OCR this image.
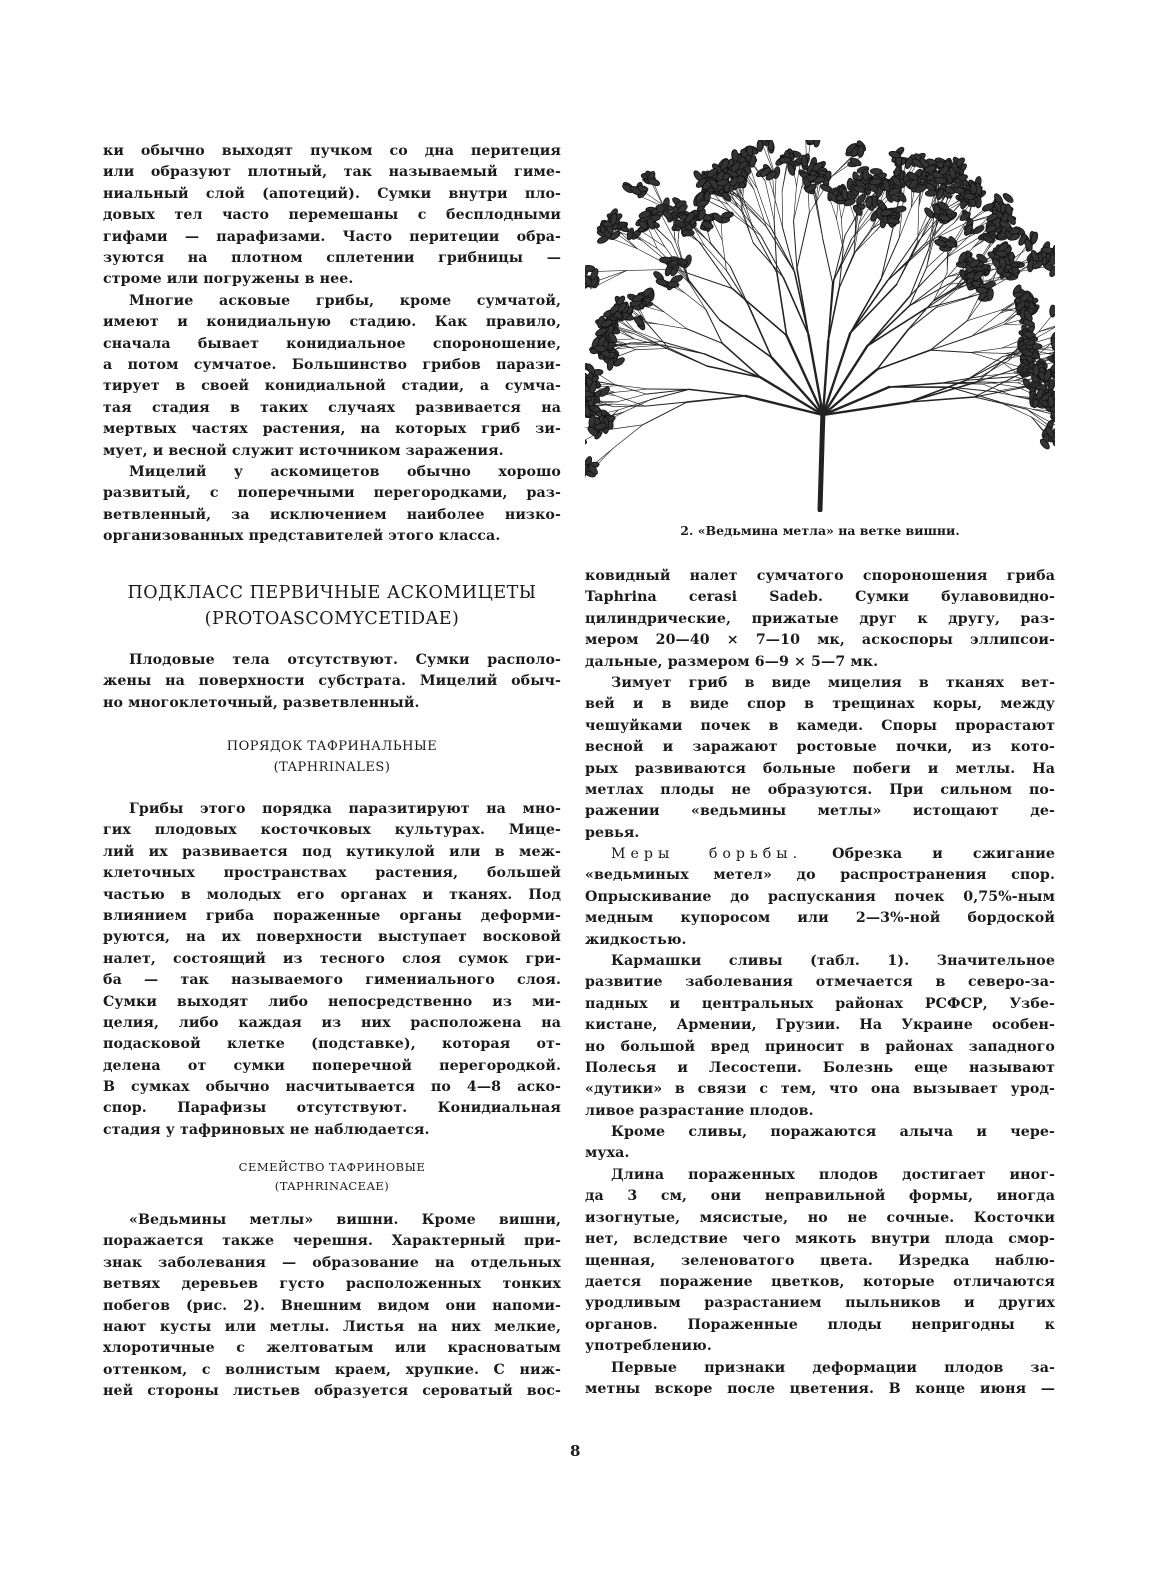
ки обычно выходят пучком со дна перитеция
или образуют плотный, так называемый гиме-
ниальный слой (апотеций). Сумки внутри пло-
довых тел часто перемешаны с бесплодными
гифами — парафизами. Часто перитеции обра-
зуются на плотном сплетении грибницы —
строме или погружены в нее.
Многие асковые грибы, кроме сумчатой,
имеют и конидиальную стадию. Как правило,
сначала бывает конидиальное спороношение,
а потом сумчатое. Большинство грибов парази-
тирует в своей конидиальной стадии, а сумча-
тая стадия в таких случаях развивается на
мертвых частях растения, на которых гриб зи-
мует, и весной служит источником заражения.
Мицелий у аскомицетов обычно хорошо
развитый, с поперечными перегородками, раз-
ветвленный, за исключением наиболее низко-
организованных представителей этого класса.
ПОДКЛАСС ПЕРВИЧНЫЕ АСКОМИЦЕТЫ
(PROTOASCOMYCETIDAE)
Плодовые тела отсутствуют. Сумки располо-
жены на поверхности субстрата. Мицелий обыч-
но многоклеточный, разветвленный.
ПОРЯДОК ТАФРИНАЛЬНЫЕ
(TAPHRINALES)
Грибы этого порядка паразитируют на мно-
гих плодовых косточковых культурах. Мице-
лий их развивается под кутикулой или в меж-
клеточных пространствах растения, большей
частью в молодых его органах и тканях. Под
влиянием гриба пораженные органы деформи-
руются, на их поверхности выступает восковой
налет, состоящий из тесного слоя сумок гри-
ба — так называемого гимениального слоя.
Сумки выходят либо непосредственно из ми-
целия, либо каждая из них расположена на
подасковой клетке (подставке), которая от-
делена от сумки поперечной перегородкой.
В сумках обычно насчитывается по 4—8 аско-
спор. Парафизы отсутствуют. Конидиальная
стадия у тафриновых не наблюдается.
СЕМЕЙСТВО ТАФРИНОВЫЕ
(TAPHRINACEAE)
«Ведьмины метлы» вишни. Кроме вишни,
поражается также черешня. Характерный при-
знак заболевания — образование на отдельных
ветвях деревьев густо расположенных тонких
побегов (рис. 2). Внешним видом они напоми-
нают кусты или метлы. Листья на них мелкие,
хлоротичные с желтоватым или красноватым
оттенком, с волнистым краем, хрупкие. С ниж-
ней стороны листьев образуется сероватый вос-
2. «Ведьмина метла» на ветке вишни.
ковидный налет сумчатого спороношения гриба
Taphrina cerasi Sadeb. Сумки булавовидно-
цилиндрические, прижатые друг к другу, раз-
мером 20—40 × 7—10 мк, аскоспоры эллипсои-
дальные, размером 6—9 × 5—7 мк.
Зимует гриб в виде мицелия в тканях вет-
вей и в виде спор в трещинах коры, между
чешуйками почек в камеди. Споры прорастают
весной и заражают ростовые почки, из кото-
рых развиваются больные побеги и метлы. На
метлах плоды не образуются. При сильном по-
ражении «ведьмины метлы» истощают де-
ревья.
Меры борьбы. Обрезка и сжигание
«ведьминых метел» до распространения спор.
Опрыскивание до распускания почек 0,75%-ным
медным купоросом или 2—3%-ной бордоской
жидкостью.
Кармашки сливы (табл. 1). Значительное
развитие заболевания отмечается в северо-за-
падных и центральных районах РСФСР, Узбе-
кистане, Армении, Грузии. На Украине особен-
но большой вред приносит в районах западного
Полесья и Лесостепи. Болезнь еще называют
«дутики» в связи с тем, что она вызывает урод-
ливое разрастание плодов.
Кроме сливы, поражаются алыча и чере-
муха.
Длина пораженных плодов достигает иног-
да 3 см, они неправильной формы, иногда
изогнутые, мясистые, но не сочные. Косточки
нет, вследствие чего мякоть внутри плода смор-
щенная, зеленоватого цвета. Изредка наблю-
дается поражение цветков, которые отличаются
уродливым разрастанием пыльников и других
органов. Пораженные плоды непригодны к
употреблению.
Первые признаки деформации плодов за-
метны вскоре после цветения. В конце июня —
8
